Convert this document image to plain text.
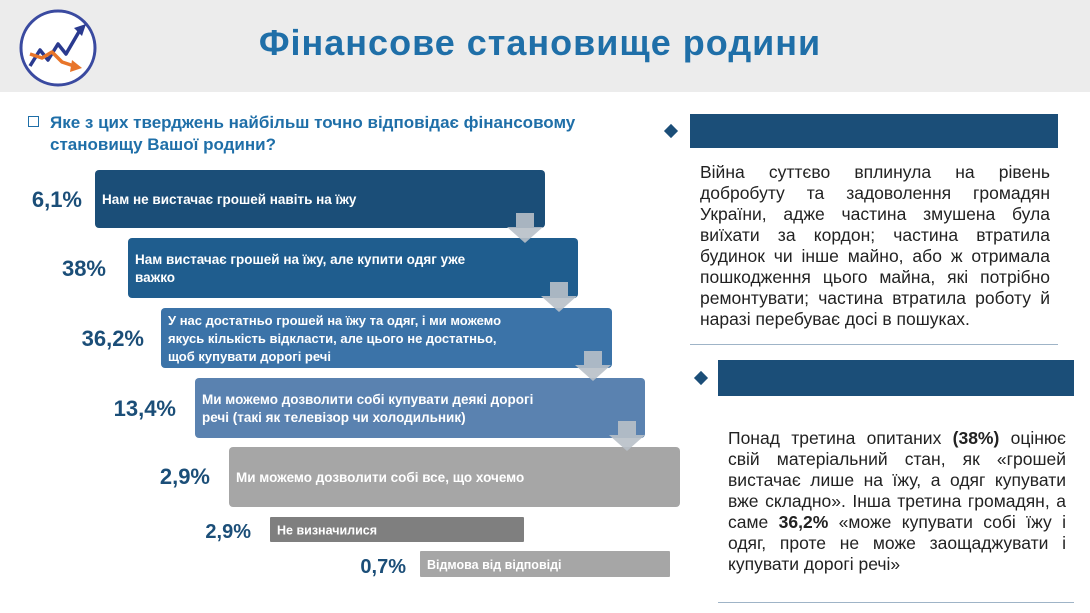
Фінансове становище родини
Яке з цих тверджень найбільш точно відповідає фінансовому становищу Вашої родини?
Нам не вистачає грошей навіть на їжу
6,1%
Нам вистачає грошей на їжу, але купити одяг уже важко
38%
У нас достатньо грошей на їжу та одяг, і ми можемо якусь кількість відкласти, але цього не достатньо, щоб купувати дорогі речі
36,2%
Ми можемо дозволити собі купувати деякі дорогі речі (такі як телевізор чи холодильник)
13,4%
Ми можемо дозволити собі все, що хочемо
2,9%
Не визначилися
2,9%
Відмова від відповіді
0,7%
Війна суттєво вплинула на рівень добробуту та задоволення громадян України, адже частина змушена була виїхати за кордон; частина втратила будинок чи інше майно, або ж отримала пошкодження цього майна, які потрібно ремонтувати; частина втратила роботу й наразі перебуває досі в пошуках.
Понад третина опитаних (38%) оцінює свій матеріальний стан, як «грошей вистачає лише на їжу, а одяг купувати вже складно». Інша третина громадян, а саме 36,2% «може купувати собі їжу і одяг, проте не може заощаджувати і купувати дорогі речі»
